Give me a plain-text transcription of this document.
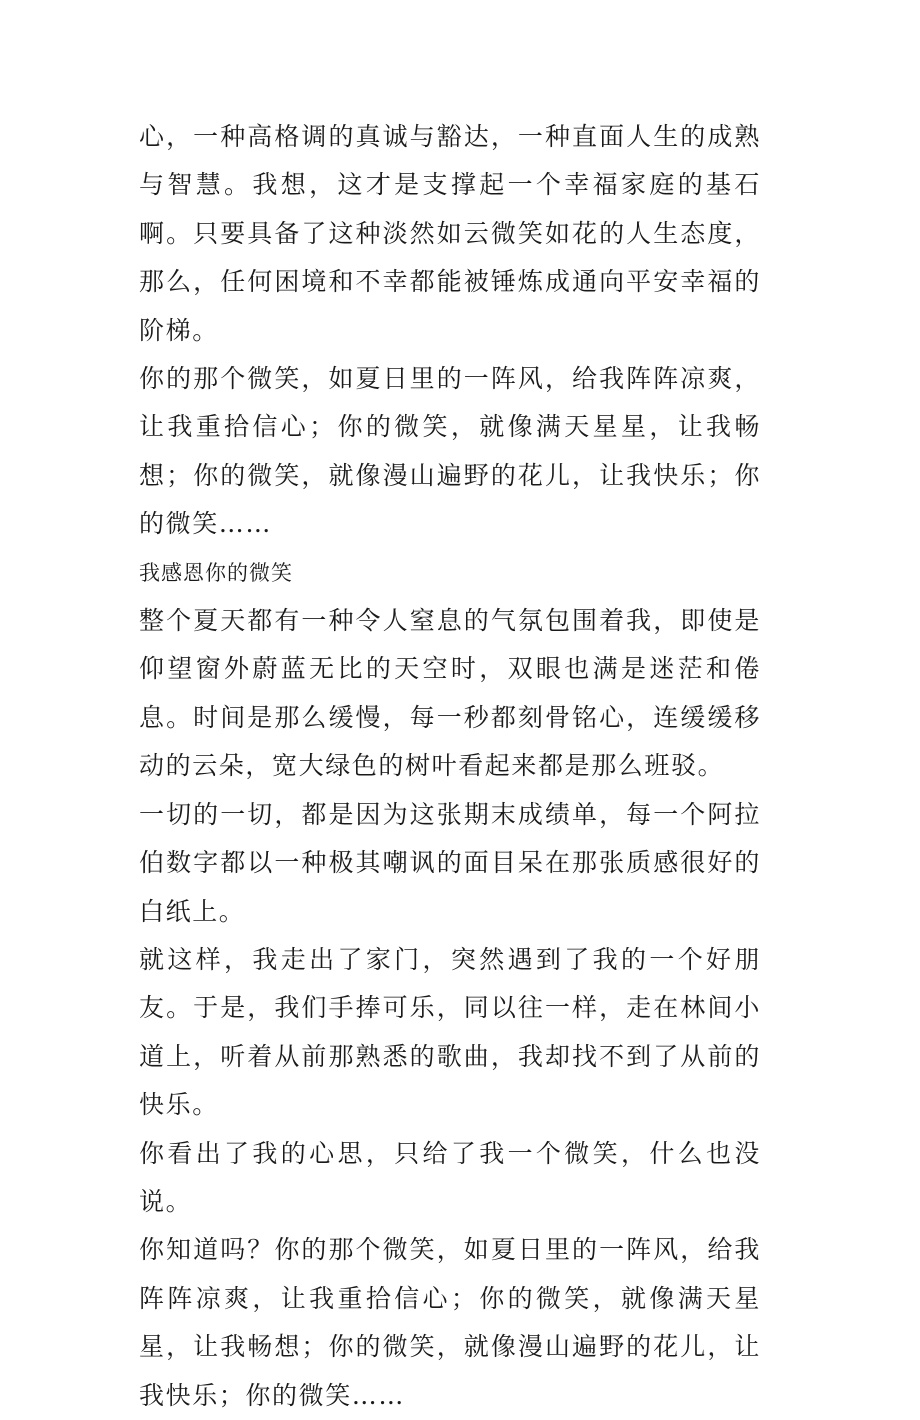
心，一种高格调的真诚与豁达，一种直面人生的成熟与智慧。我想，这才是支撑起一个幸福家庭的基石啊。只要具备了这种淡然如云微笑如花的人生态度，那么，任何困境和不幸都能被锤炼成通向平安幸福的阶梯。

你的那个微笑，如夏日里的一阵风，给我阵阵凉爽，让我重拾信心；你的微笑，就像满天星星，让我畅想；你的微笑，就像漫山遍野的花儿，让我快乐；你的微笑……

我感恩你的微笑

整个夏天都有一种令人窒息的气氛包围着我，即使是仰望窗外蔚蓝无比的天空时，双眼也满是迷茫和倦息。时间是那么缓慢，每一秒都刻骨铭心，连缓缓移动的云朵，宽大绿色的树叶看起来都是那么班驳。

一切的一切，都是因为这张期末成绩单，每一个阿拉伯数字都以一种极其嘲讽的面目呆在那张质感很好的白纸上。

就这样，我走出了家门，突然遇到了我的一个好朋友。于是，我们手捧可乐，同以往一样，走在林间小道上，听着从前那熟悉的歌曲，我却找不到了从前的快乐。

你看出了我的心思，只给了我一个微笑，什么也没说。

你知道吗？你的那个微笑，如夏日里的一阵风，给我阵阵凉爽，让我重拾信心；你的微笑，就像满天星星，让我畅想；你的微笑，就像漫山遍野的花儿，让我快乐；你的微笑……
